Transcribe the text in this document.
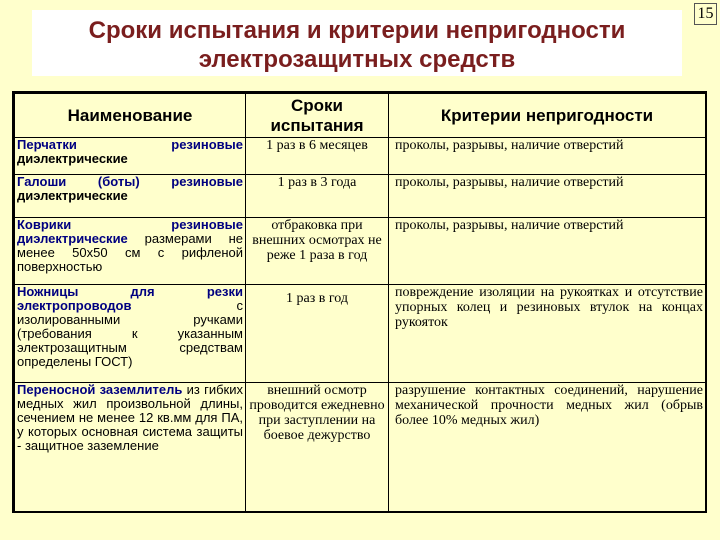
Сроки испытания и критерии непригодности
электрозащитных средств
15
Наименование	Сроки испытания	Критерии непригодности
Перчатки резиновые диэлектрические	1 раз в 6 месяцев	проколы, разрывы, наличие отверстий
Галоши (боты) резиновые диэлектрические	1 раз в 3 года	проколы, разрывы, наличие отверстий
Коврики резиновые диэлектрические размерами не менее 50х50 см с рифленой поверхностью	отбраковка при внешних осмотрах не реже 1 раза в год	проколы, разрывы, наличие отверстий
Ножницы для резки электропроводов с изолированными ручками (требования к указанным электрозащитным средствам определены ГОСТ)	1 раз в год	повреждение изоляции на рукоятках и отсутствие упорных колец и резиновых втулок на концах рукояток
Переносной заземлитель из гибких медных жил произвольной длины, сечением не менее 12 кв.мм для ПА, у которых основная система защиты - защитное заземление	внешний осмотр проводится ежедневно при заступлении на боевое дежурство	разрушение контактных соединений, нарушение механической прочности медных жил (обрыв более 10% медных жил)
